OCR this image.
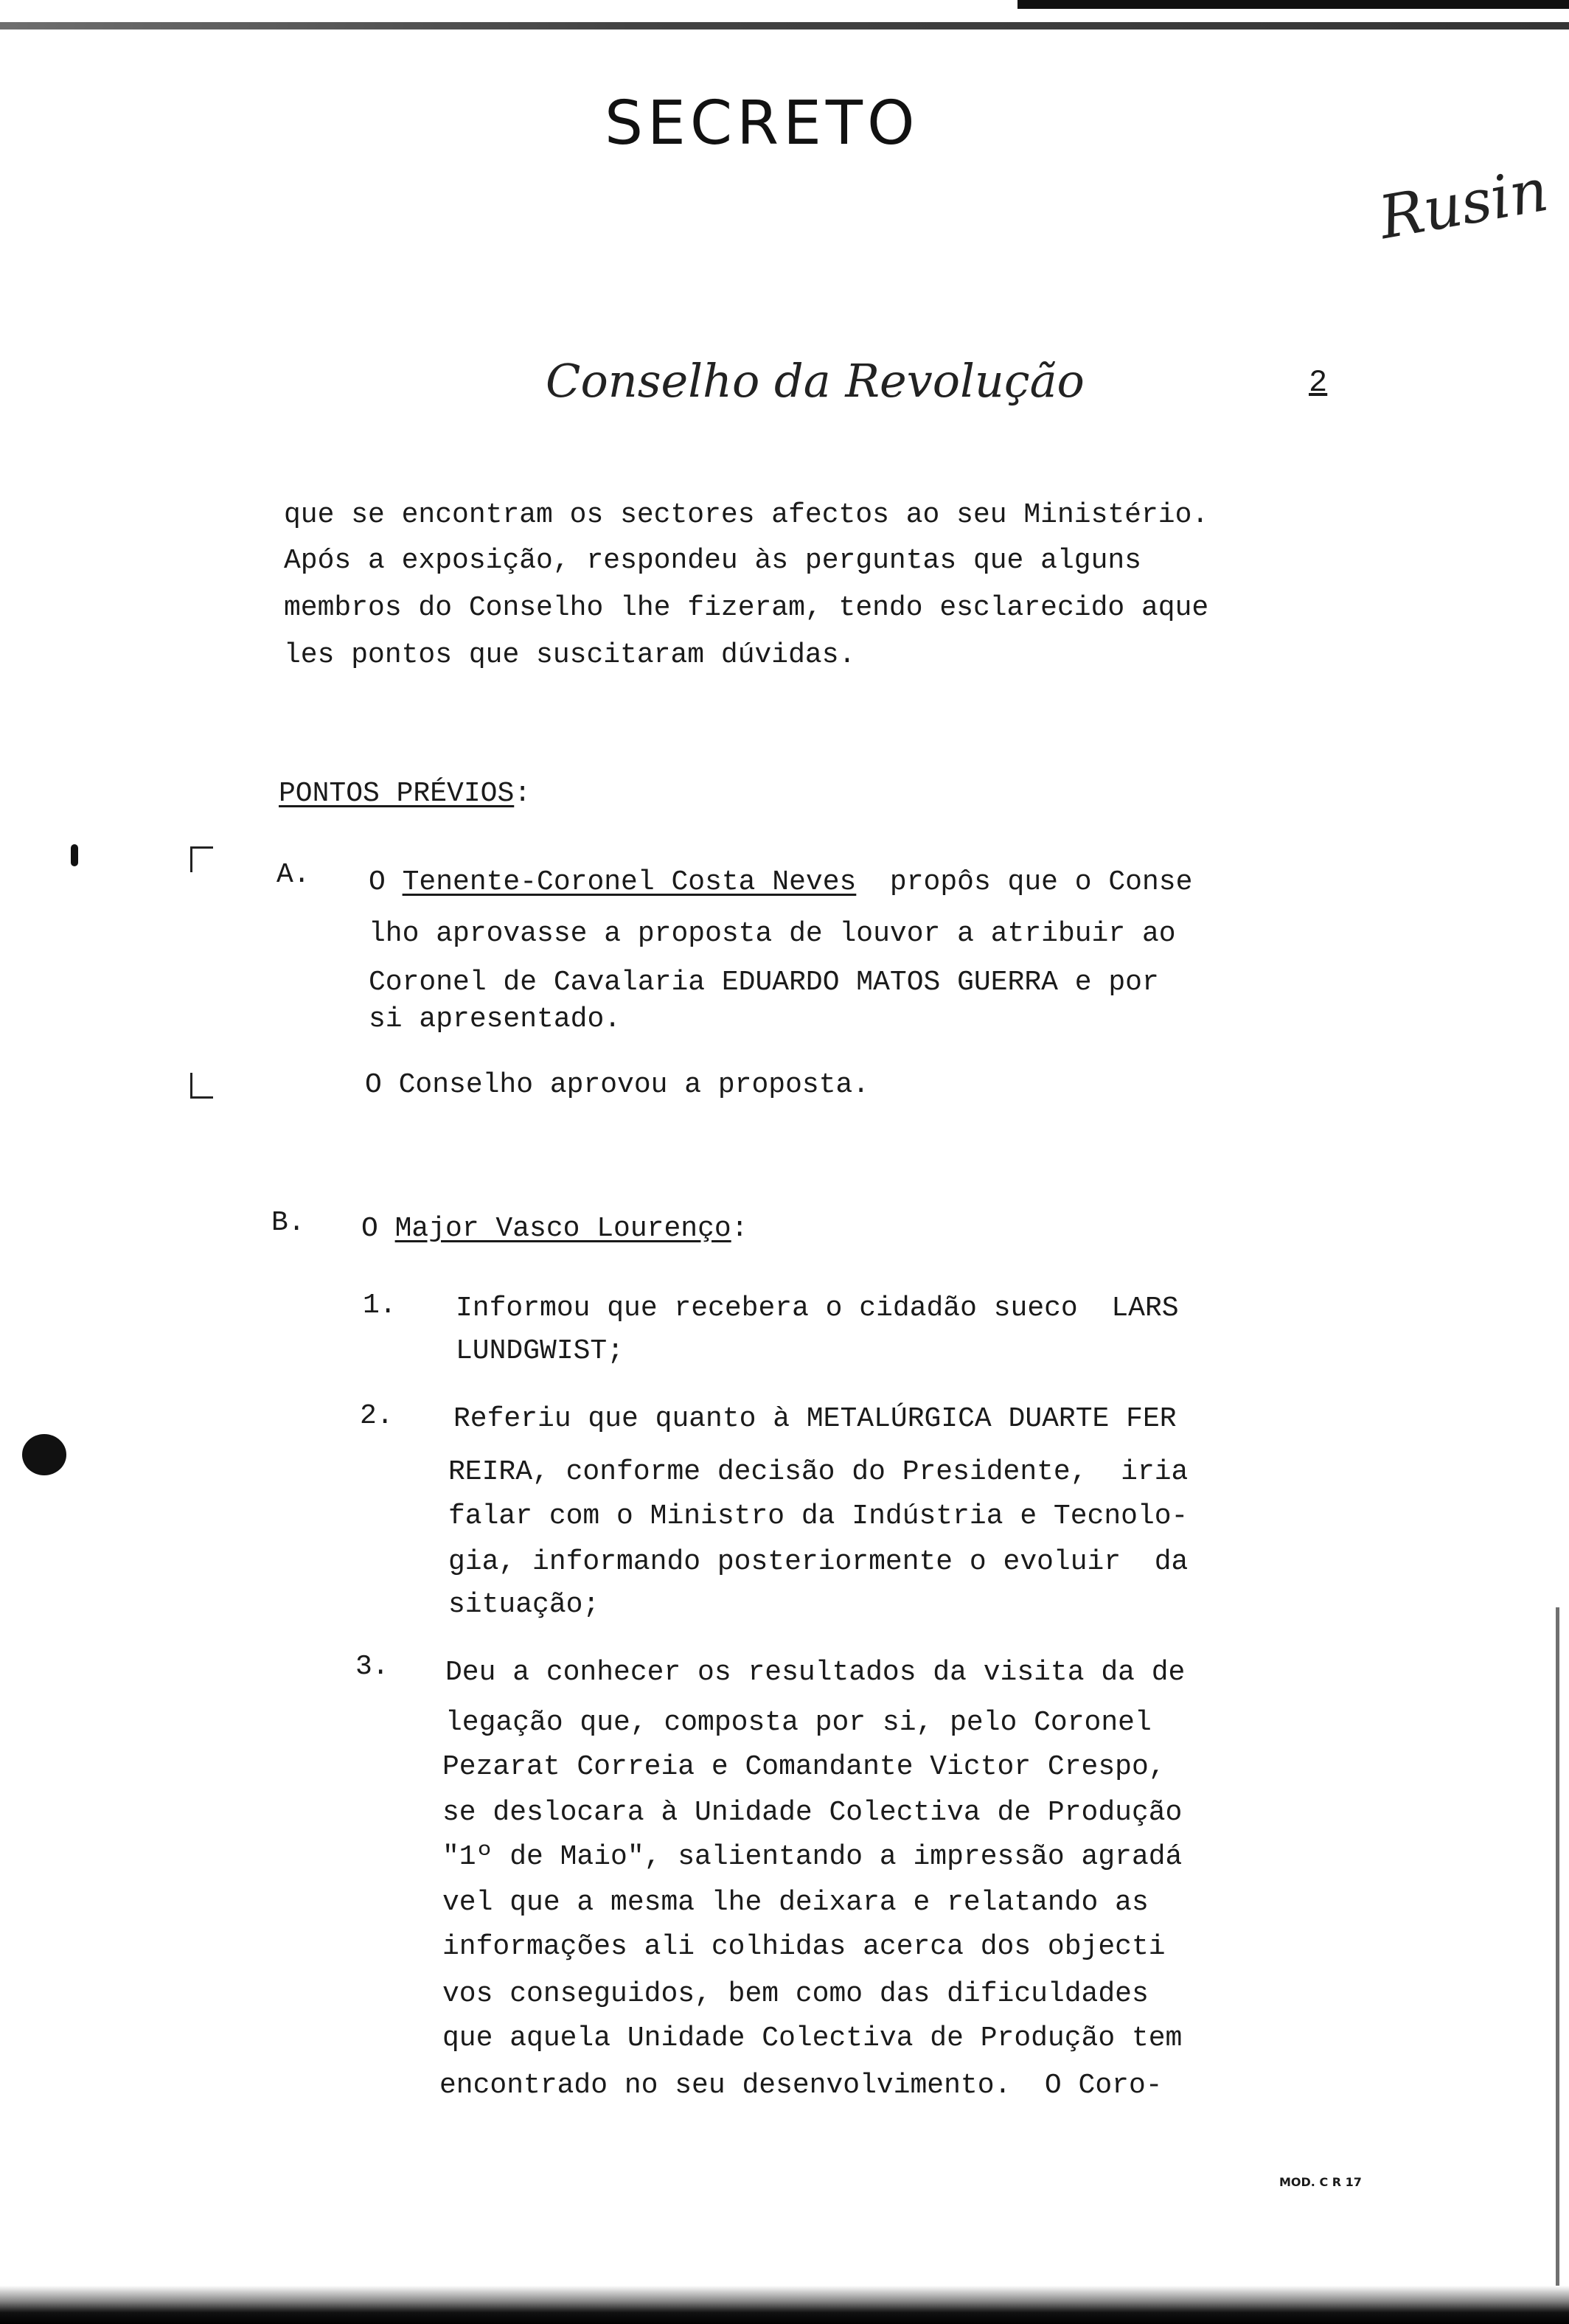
SECRETO
Rusin
Conselho da Revolução	2
que se encontram os sectores afectos ao seu Ministério.
Após a exposição, respondeu às perguntas que alguns
membros do Conselho lhe fizeram, tendo esclarecido aque
les pontos que suscitaram dúvidas.
PONTOS PRÉVIOS:
A. O Tenente-Coronel Costa Neves  propôs que o Conse
lho aprovasse a proposta de louvor a atribuir ao
Coronel de Cavalaria EDUARDO MATOS GUERRA e por
si apresentado.
O Conselho aprovou a proposta.
B. O Major Vasco Lourenço:
1. Informou que recebera o cidadão sueco  LARS
LUNDGWIST;
2. Referiu que quanto à METALÚRGICA DUARTE FER
REIRA, conforme decisão do Presidente,  iria
falar com o Ministro da Indústria e Tecnolo-
gia, informando posteriormente o evoluir  da
situação;
3. Deu a conhecer os resultados da visita da de
legação que, composta por si, pelo Coronel
Pezarat Correia e Comandante Victor Crespo,
se deslocara à Unidade Colectiva de Produção
"1º de Maio", salientando a impressão agradá
vel que a mesma lhe deixara e relatando as
informações ali colhidas acerca dos objecti
vos conseguidos, bem como das dificuldades
que aquela Unidade Colectiva de Produção tem
encontrado no seu desenvolvimento.  O Coro-
MOD. C R 17
